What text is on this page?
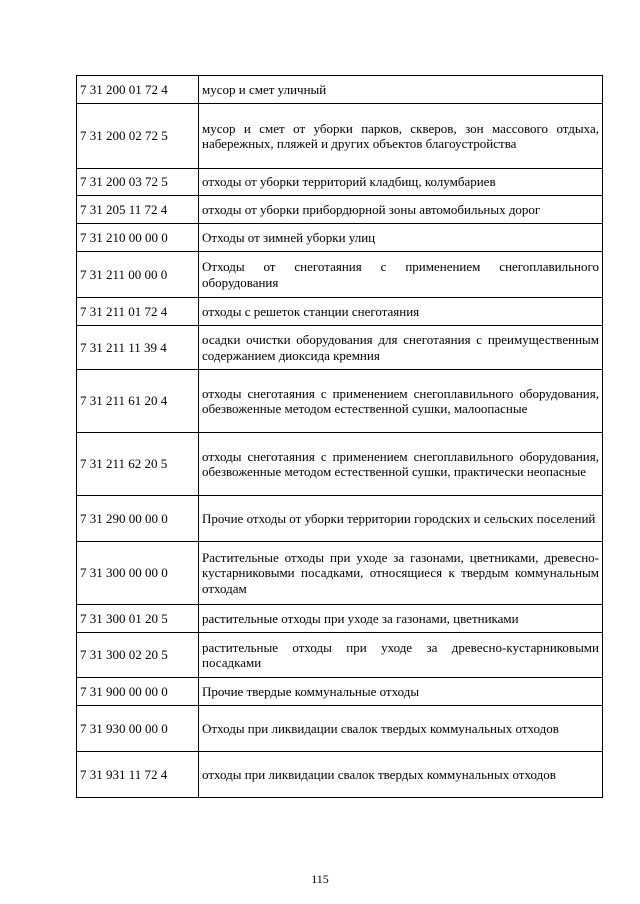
7 31 200 01 72 4	мусор и смет уличный
7 31 200 02 72 5	мусор и смет от уборки парков, скверов, зон массового отдыха, набережных, пляжей и других объектов благоустройства
7 31 200 03 72 5	отходы от уборки территорий кладбищ, колумбариев
7 31 205 11 72 4	отходы от уборки прибордюрной зоны автомобильных дорог
7 31 210 00 00 0	Отходы от зимней уборки улиц
7 31 211 00 00 0	Отходы от снеготаяния с применением снегоплавильного оборудования
7 31 211 01 72 4	отходы с решеток станции снеготаяния
7 31 211 11 39 4	осадки очистки оборудования для снеготаяния с преимущественным содержанием диоксида кремния
7 31 211 61 20 4	отходы снеготаяния с применением снегоплавильного оборудования, обезвоженные методом естественной сушки, малоопасные
7 31 211 62 20 5	отходы снеготаяния с применением снегоплавильного оборудования, обезвоженные методом естественной сушки, практически неопасные
7 31 290 00 00 0	Прочие отходы от уборки территории городских и сельских поселений
7 31 300 00 00 0	Растительные отходы при уходе за газонами, цветниками, древесно-кустарниковыми посадками, относящиеся к твердым коммунальным отходам
7 31 300 01 20 5	растительные отходы при уходе за газонами, цветниками
7 31 300 02 20 5	растительные отходы при уходе за древесно-кустарниковыми посадками
7 31 900 00 00 0	Прочие твердые коммунальные отходы
7 31 930 00 00 0	Отходы при ликвидации свалок твердых коммунальных отходов
7 31 931 11 72 4	отходы при ликвидации свалок твердых коммунальных отходов
115
